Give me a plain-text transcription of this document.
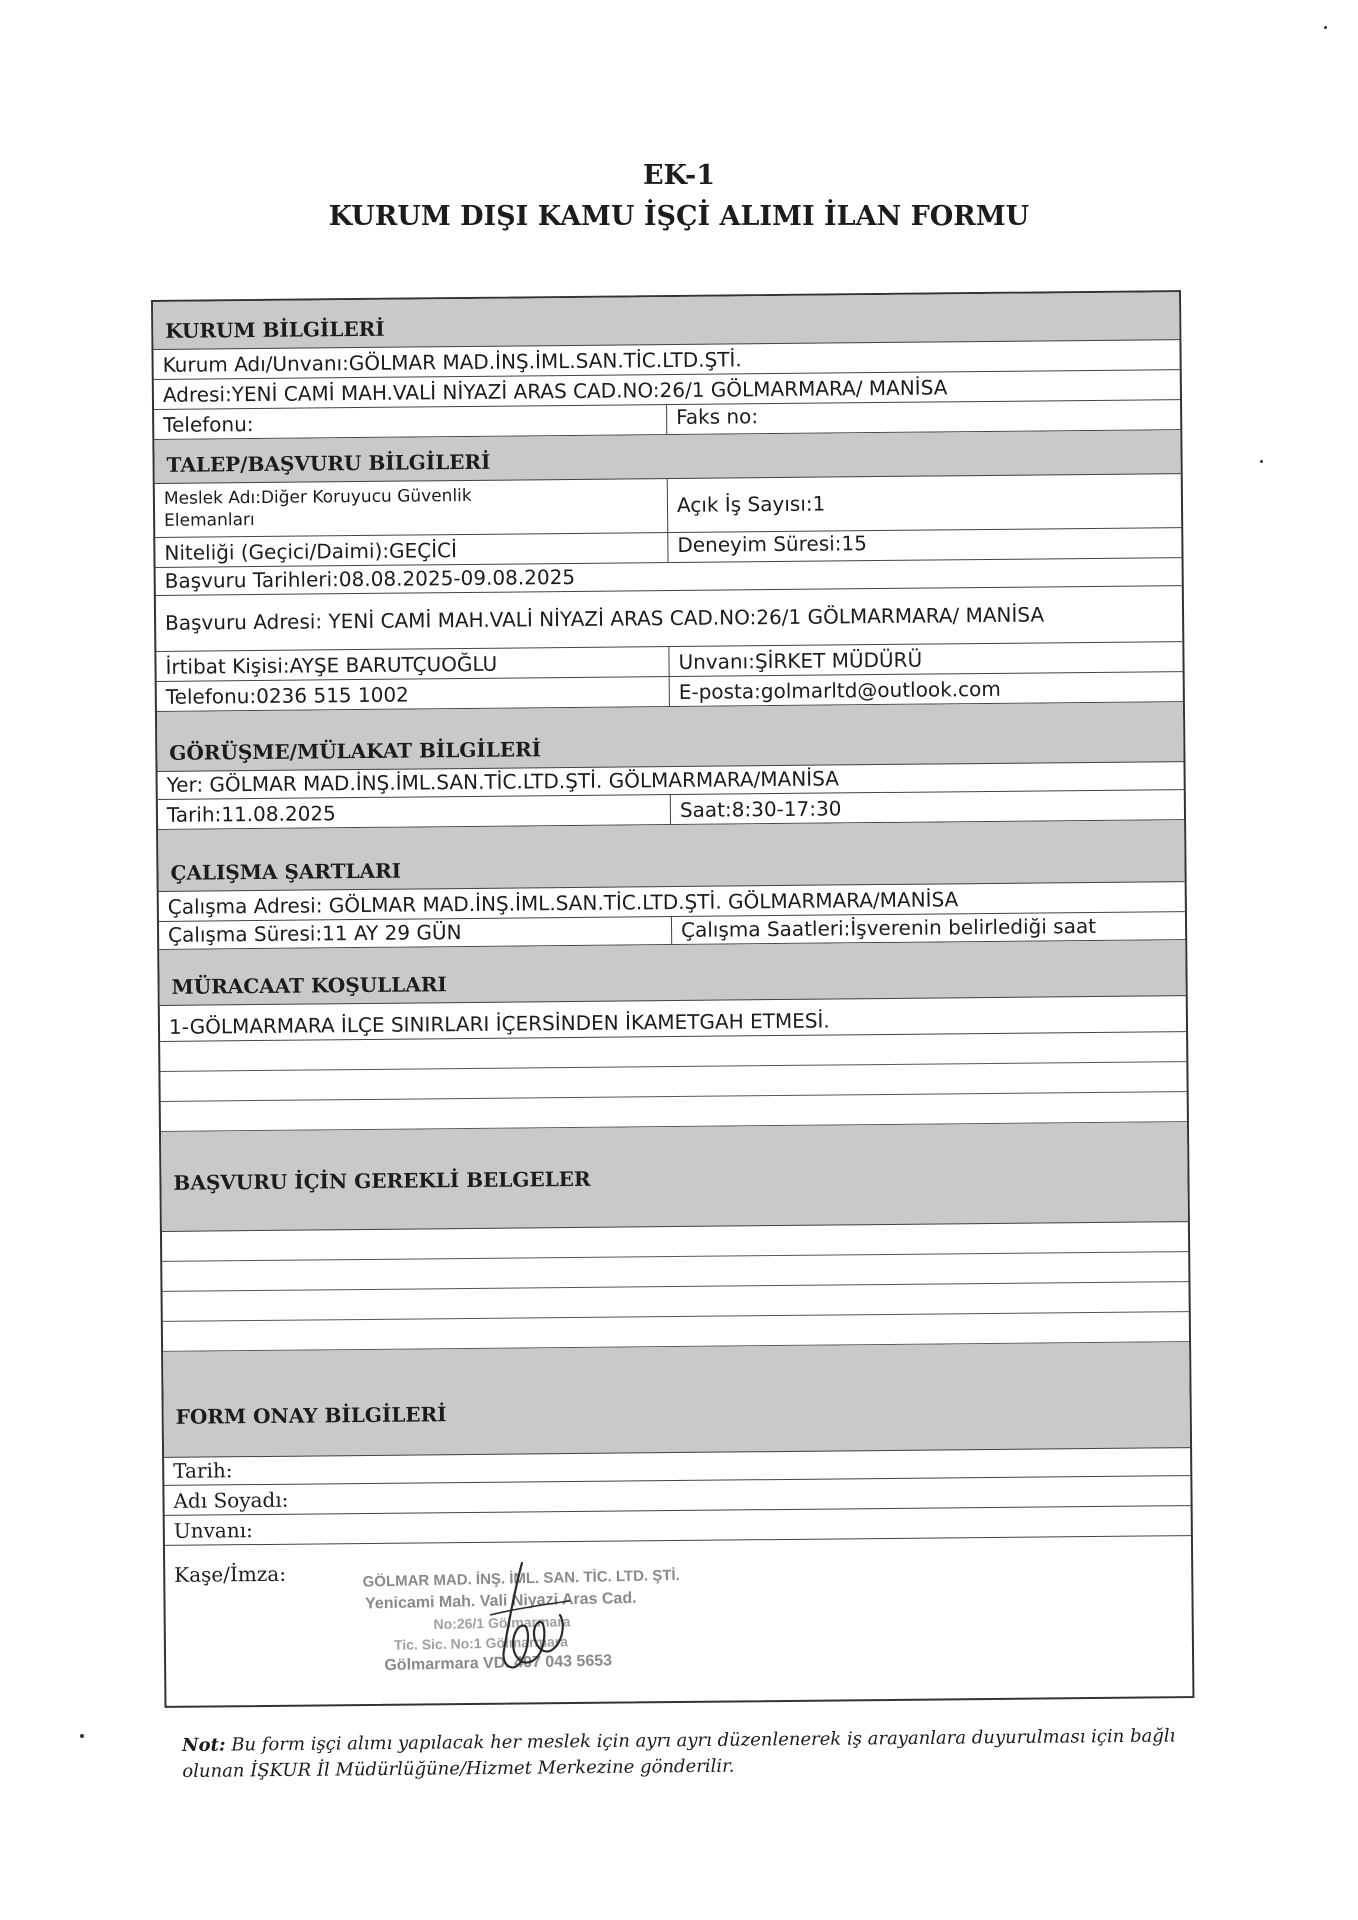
EK-1
KURUM DIŞI KAMU İŞÇİ ALIMI İLAN FORMU
KURUM BİLGİLERİ
Kurum Adı/Unvanı:GÖLMAR MAD.İNŞ.İML.SAN.TİC.LTD.ŞTİ.
Adresi:YENİ CAMİ MAH.VALİ NİYAZİ ARAS CAD.NO:26/1 GÖLMARMARA/ MANİSA
Telefonu:	Faks no:
TALEP/BAŞVURU BİLGİLERİ
Meslek Adı:Diğer Koruyucu Güvenlik Elemanları
Açık İş Sayısı:1
Niteliği (Geçici/Daimi):GEÇİCİ	Deneyim Süresi:15
Başvuru Tarihleri:08.08.2025-09.08.2025
Başvuru Adresi: YENİ CAMİ MAH.VALİ NİYAZİ ARAS CAD.NO:26/1 GÖLMARMARA/ MANİSA
İrtibat Kişisi:AYŞE BARUTÇUOĞLU	Unvanı:ŞİRKET MÜDÜRÜ
Telefonu:0236 515 1002	E-posta:golmarltd@outlook.com
GÖRÜŞME/MÜLAKAT BİLGİLERİ
Yer: GÖLMAR MAD.İNŞ.İML.SAN.TİC.LTD.ŞTİ. GÖLMARMARA/MANİSA
Tarih:11.08.2025	Saat:8:30-17:30
ÇALIŞMA ŞARTLARI
Çalışma Adresi: GÖLMAR MAD.İNŞ.İML.SAN.TİC.LTD.ŞTİ. GÖLMARMARA/MANİSA
Çalışma Süresi:11 AY 29 GÜN	Çalışma Saatleri:İşverenin belirlediği saat
MÜRACAAT KOŞULLARI
1-GÖLMARMARA İLÇE SINIRLARI İÇERSİNDEN İKAMETGAH ETMESİ.
BAŞVURU İÇİN GEREKLİ BELGELER
FORM ONAY BİLGİLERİ
Tarih:
Adı Soyadı:
Unvanı:
Kaşe/İmza:	GÖLMAR MAD. İNŞ. İML. SAN. TİC. LTD. ŞTİ.
Yenicami Mah. Vali Niyazi Aras Cad.
No:26/1 Gölmarmara
Tic. Sic. No:1 Gölmarmara
Gölmarmara VD. 407 043 5653
Not: Bu form işçi alımı yapılacak her meslek için ayrı ayrı düzenlenerek iş arayanlara duyurulması için bağlı olunan İŞKUR İl Müdürlüğüne/Hizmet Merkezine gönderilir.
